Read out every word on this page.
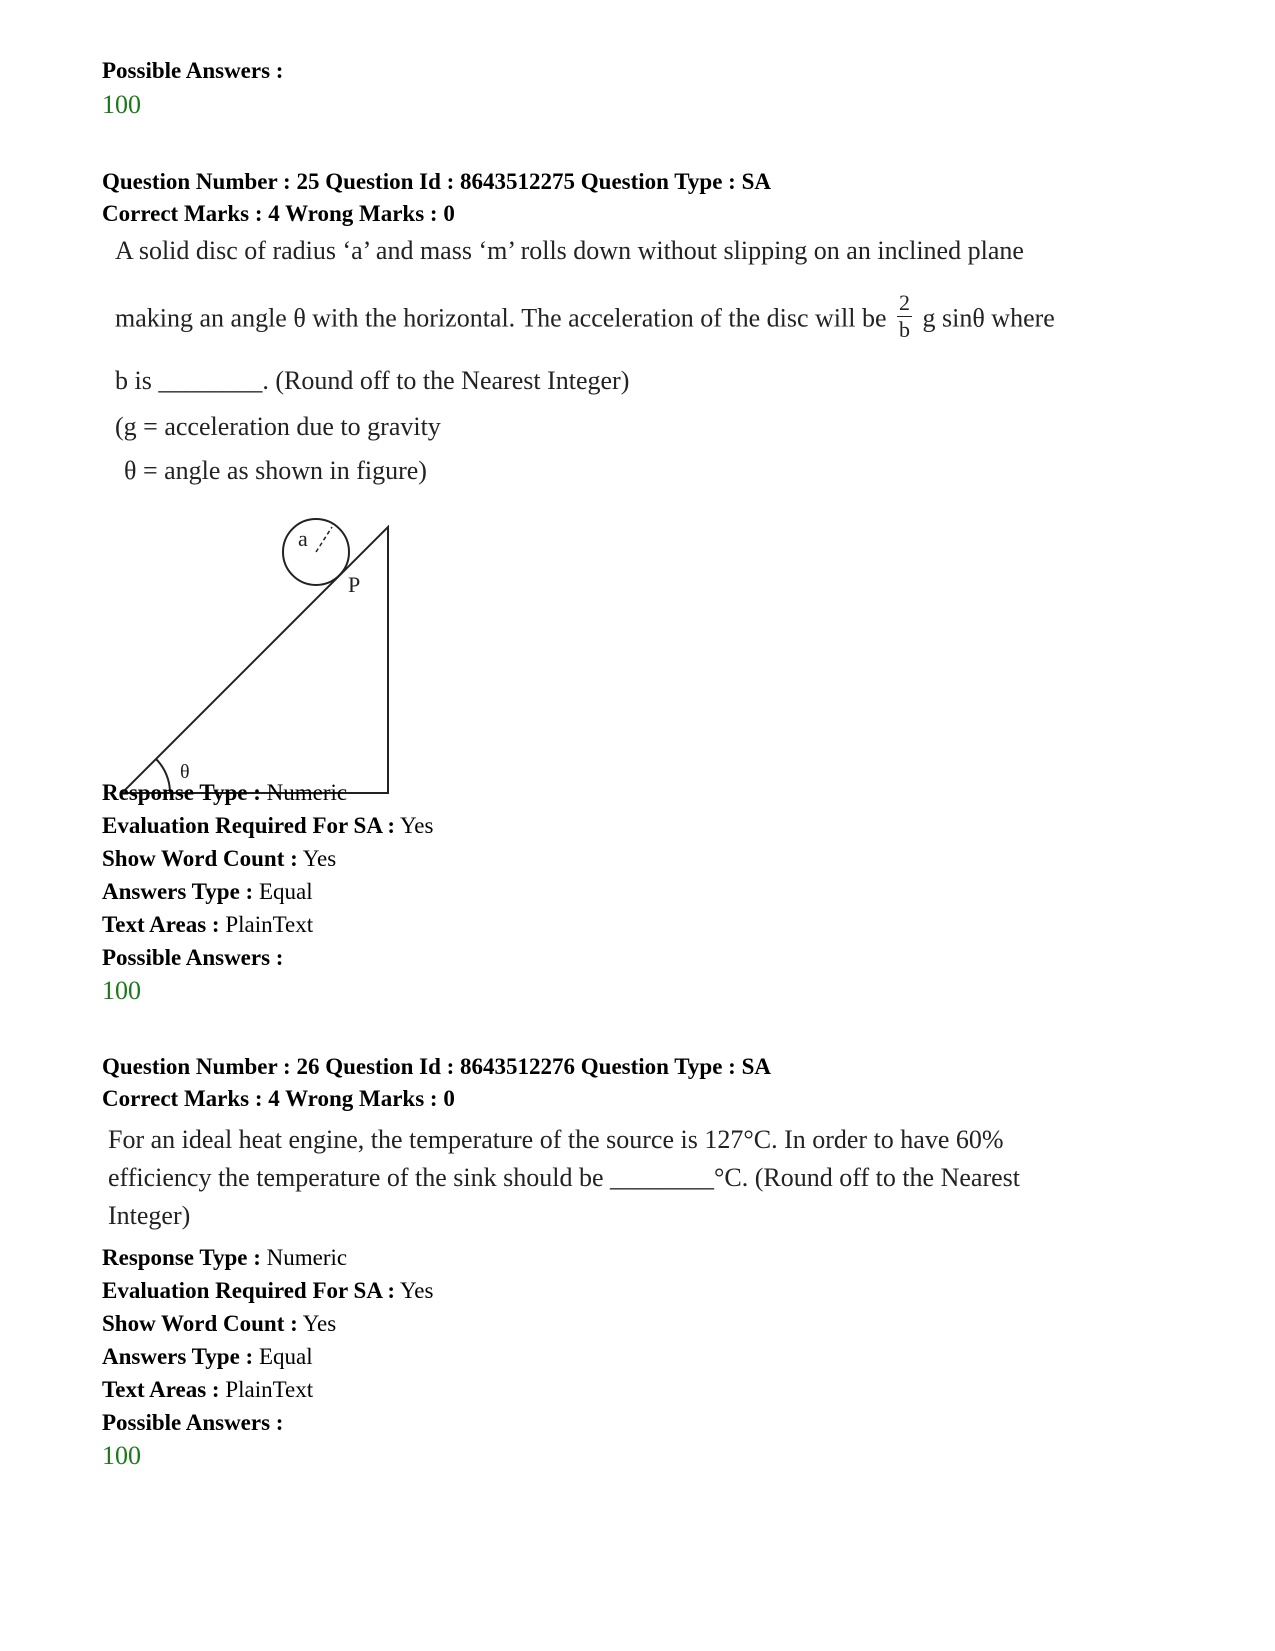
Possible Answers :
100
Question Number : 25 Question Id : 8643512275 Question Type : SA
Correct Marks : 4 Wrong Marks : 0
A solid disc of radius ‘a’ and mass ‘m’ rolls down without slipping on an inclined plane
making an angle θ with the horizontal. The acceleration of the disc will be $\frac{2}{b}$ g sinθ where
b is ________. (Round off to the Nearest Integer)
(g = acceleration due to gravity
θ = angle as shown in figure)
a
P
θ
Response Type : Numeric
Evaluation Required For SA : Yes
Show Word Count : Yes
Answers Type : Equal
Text Areas : PlainText
Possible Answers :
100
Question Number : 26 Question Id : 8643512276 Question Type : SA
Correct Marks : 4 Wrong Marks : 0
For an ideal heat engine, the temperature of the source is 127°C. In order to have 60%
efficiency the temperature of the sink should be ________°C. (Round off to the Nearest
Integer)
Response Type : Numeric
Evaluation Required For SA : Yes
Show Word Count : Yes
Answers Type : Equal
Text Areas : PlainText
Possible Answers :
100
